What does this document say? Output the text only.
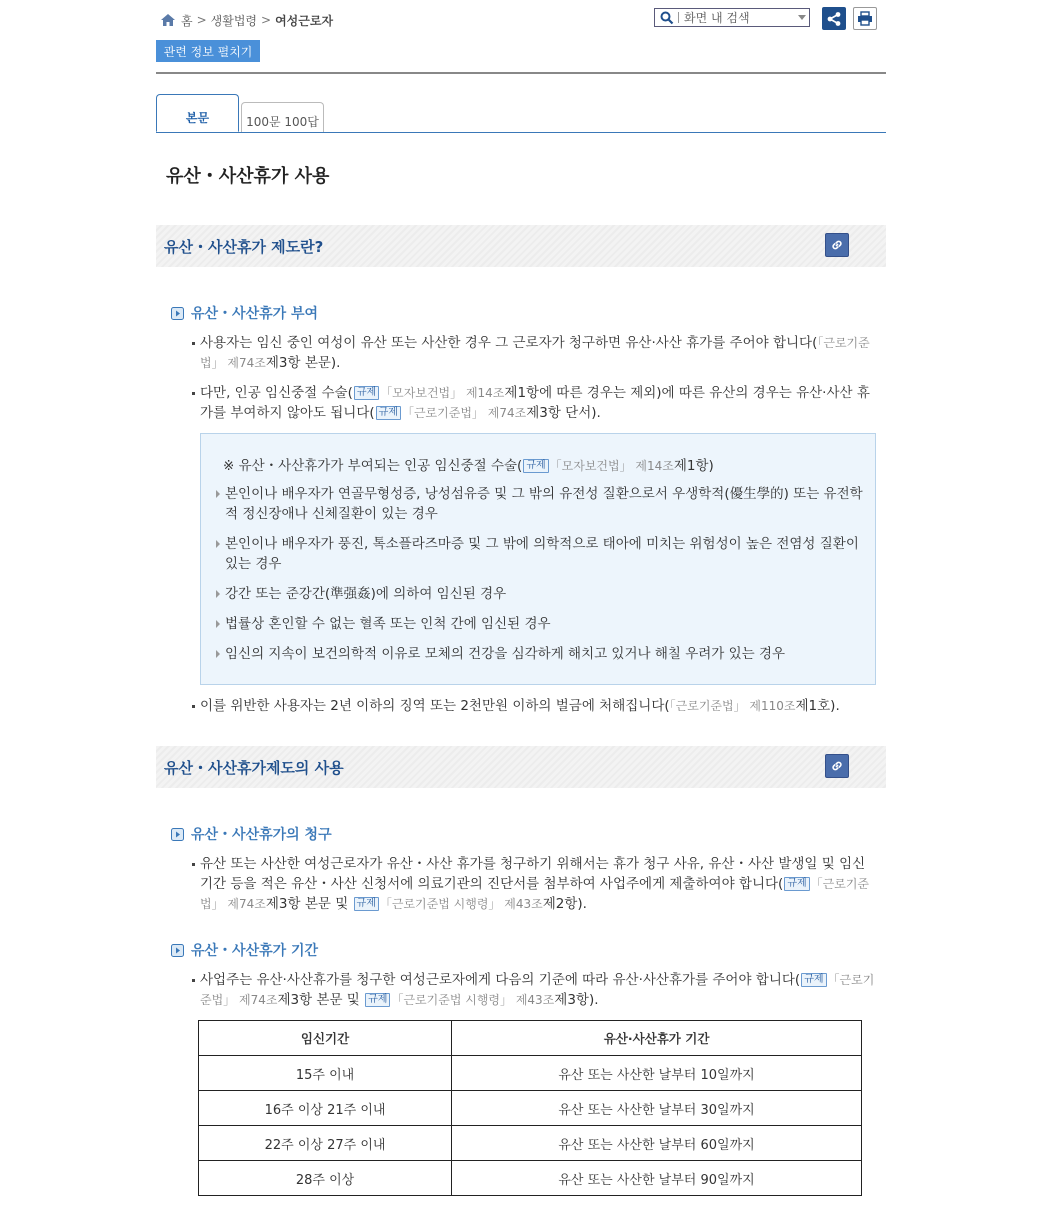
홈 > 생활법령 > 여성근로자
화면 내 검색
관련 정보 펼치기
본문	100문 100답
유산・사산휴가 사용
유산・사산휴가 제도란?
유산・사산휴가 부여
사용자는 임신 중인 여성이 유산 또는 사산한 경우 그 근로자가 청구하면 유산·사산 휴가를 주어야 합니다(「근로기준법」 제74조제3항 본문).
다만, 인공 임신중절 수술( 규제 「모자보건법」 제14조제1항에 따른 경우는 제외)에 따른 유산의 경우는 유산·사산 휴가를 부여하지 않아도 됩니다( 규제 「근로기준법」 제74조제3항 단서).
※ 유산・사산휴가가 부여되는 인공 임신중절 수술( 규제 「모자보건법」 제14조제1항)
본인이나 배우자가 연골무형성증, 낭성섬유증 및 그 밖의 유전성 질환으로서 우생학적(優生學的) 또는 유전학적 정신장애나 신체질환이 있는 경우
본인이나 배우자가 풍진, 톡소플라즈마증 및 그 밖에 의학적으로 태아에 미치는 위험성이 높은 전염성 질환이 있는 경우
강간 또는 준강간(準强姦)에 의하여 임신된 경우
법률상 혼인할 수 없는 혈족 또는 인척 간에 임신된 경우
임신의 지속이 보건의학적 이유로 모체의 건강을 심각하게 해치고 있거나 해칠 우려가 있는 경우
이를 위반한 사용자는 2년 이하의 징역 또는 2천만원 이하의 벌금에 처해집니다(「근로기준법」 제110조제1호).
유산・사산휴가제도의 사용
유산・사산휴가의 청구
유산 또는 사산한 여성근로자가 유산・사산 휴가를 청구하기 위해서는 휴가 청구 사유, 유산・사산 발생일 및 임신기간 등을 적은 유산・사산 신청서에 의료기관의 진단서를 첨부하여 사업주에게 제출하여야 합니다( 규제 「근로기준법」 제74조제3항 본문 및 규제 「근로기준법 시행령」 제43조제2항).
유산・사산휴가 기간
사업주는 유산·사산휴가를 청구한 여성근로자에게 다음의 기준에 따라 유산·사산휴가를 주어야 합니다( 규제 「근로기준법」 제74조제3항 본문 및 규제 「근로기준법 시행령」 제43조제3항).
임신기간	유산·사산휴가 기간
15주 이내	유산 또는 사산한 날부터 10일까지
16주 이상 21주 이내	유산 또는 사산한 날부터 30일까지
22주 이상 27주 이내	유산 또는 사산한 날부터 60일까지
28주 이상	유산 또는 사산한 날부터 90일까지
